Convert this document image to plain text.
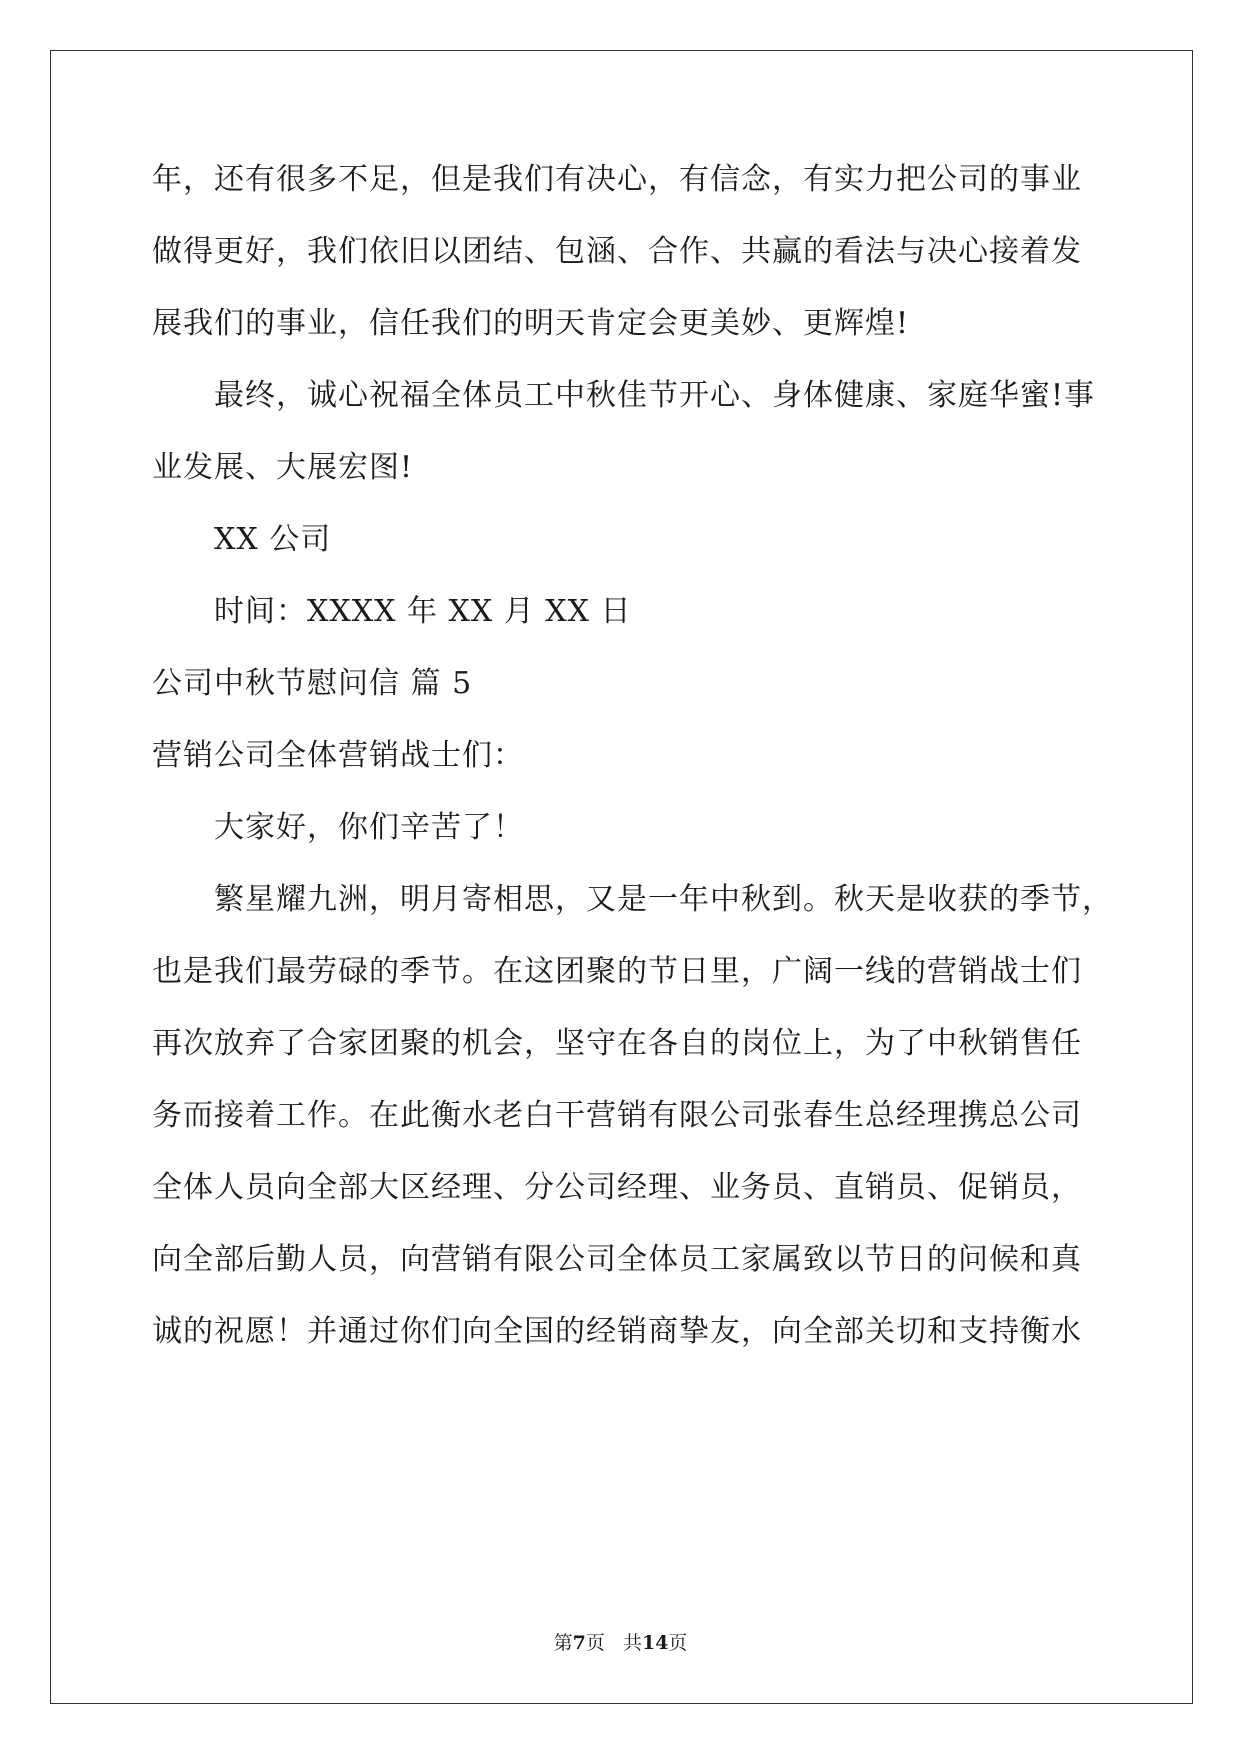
年，还有很多不足，但是我们有决心，有信念，有实力把公司的事业
做得更好，我们依旧以团结、包涵、合作、共赢的看法与决心接着发
展我们的事业，信任我们的明天肯定会更美妙、更辉煌!
最终，诚心祝福全体员工中秋佳节开心、身体健康、家庭华蜜!事
业发展、大展宏图!
XX 公司
时间：XXXX 年 XX 月 XX 日
公司中秋节慰问信 篇 5
营销公司全体营销战士们：
大家好，你们辛苦了！
繁星耀九洲，明月寄相思，又是一年中秋到。秋天是收获的季节，
也是我们最劳碌的季节。在这团聚的节日里，广阔一线的营销战士们
再次放弃了合家团聚的机会，坚守在各自的岗位上，为了中秋销售任
务而接着工作。在此衡水老白干营销有限公司张春生总经理携总公司
全体人员向全部大区经理、分公司经理、业务员、直销员、促销员，
向全部后勤人员，向营销有限公司全体员工家属致以节日的问候和真
诚的祝愿！并通过你们向全国的经销商挚友，向全部关切和支持衡水
第7页 共14页
